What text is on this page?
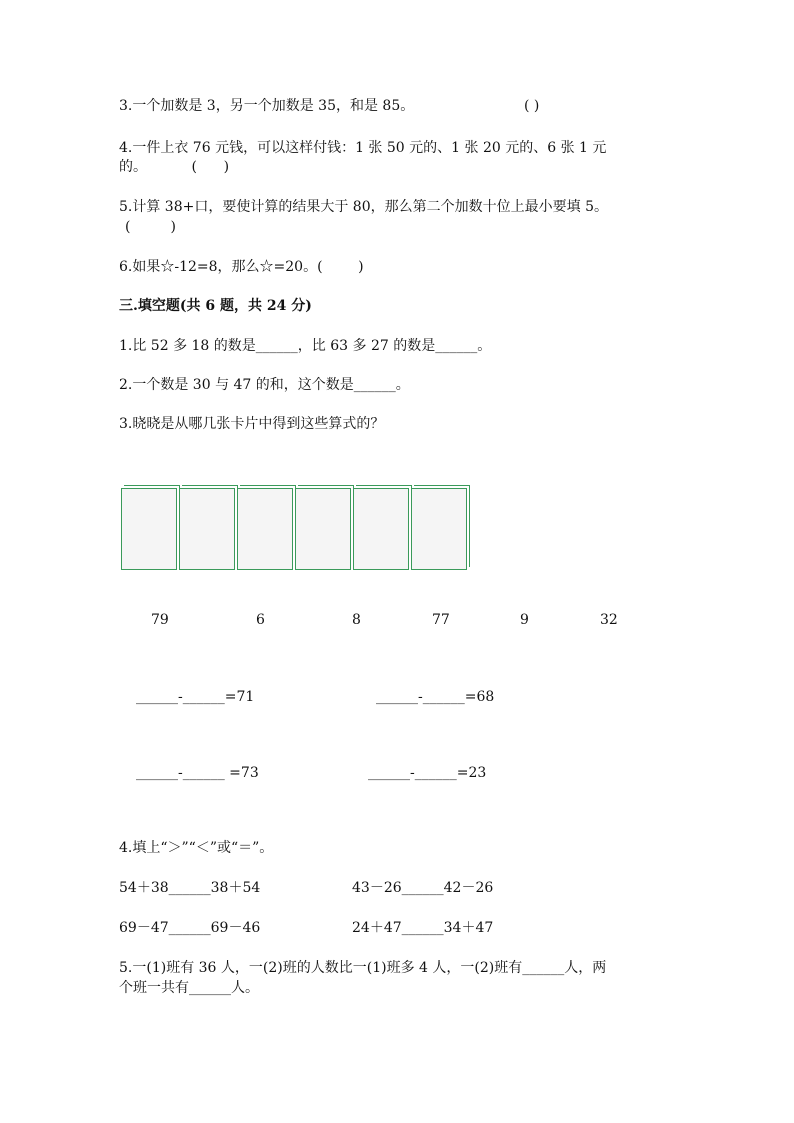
3.一个加数是 3，另一个加数是 35，和是 85。	( )
4.一件上衣 76 元钱，可以这样付钱：1 张 50 元的、1 张 20 元的、6 张 1 元
的。          (      )
5.计算 38+口，要使计算的结果大于 80，那么第二个加数十位上最小要填 5。
(         )
6.如果☆-12=8，那么☆=20。(        )
三.填空题(共 6 题，共 24 分)
1.比 52 多 18 的数是______，比 63 多 27 的数是______。
2.一个数是 30 与 47 的和，这个数是______。
3.晓晓是从哪几张卡片中得到这些算式的？
79	6	8	77	9	32
______-______=71	______-______=68
______-______ =73	______-______=23
4.填上“＞”“＜”或“＝”。
54＋38______38＋54	43－26______42－26
69－47______69－46	24＋47______34＋47
5.一(1)班有 36 人，一(2)班的人数比一(1)班多 4 人，一(2)班有______人，两
个班一共有______人。
